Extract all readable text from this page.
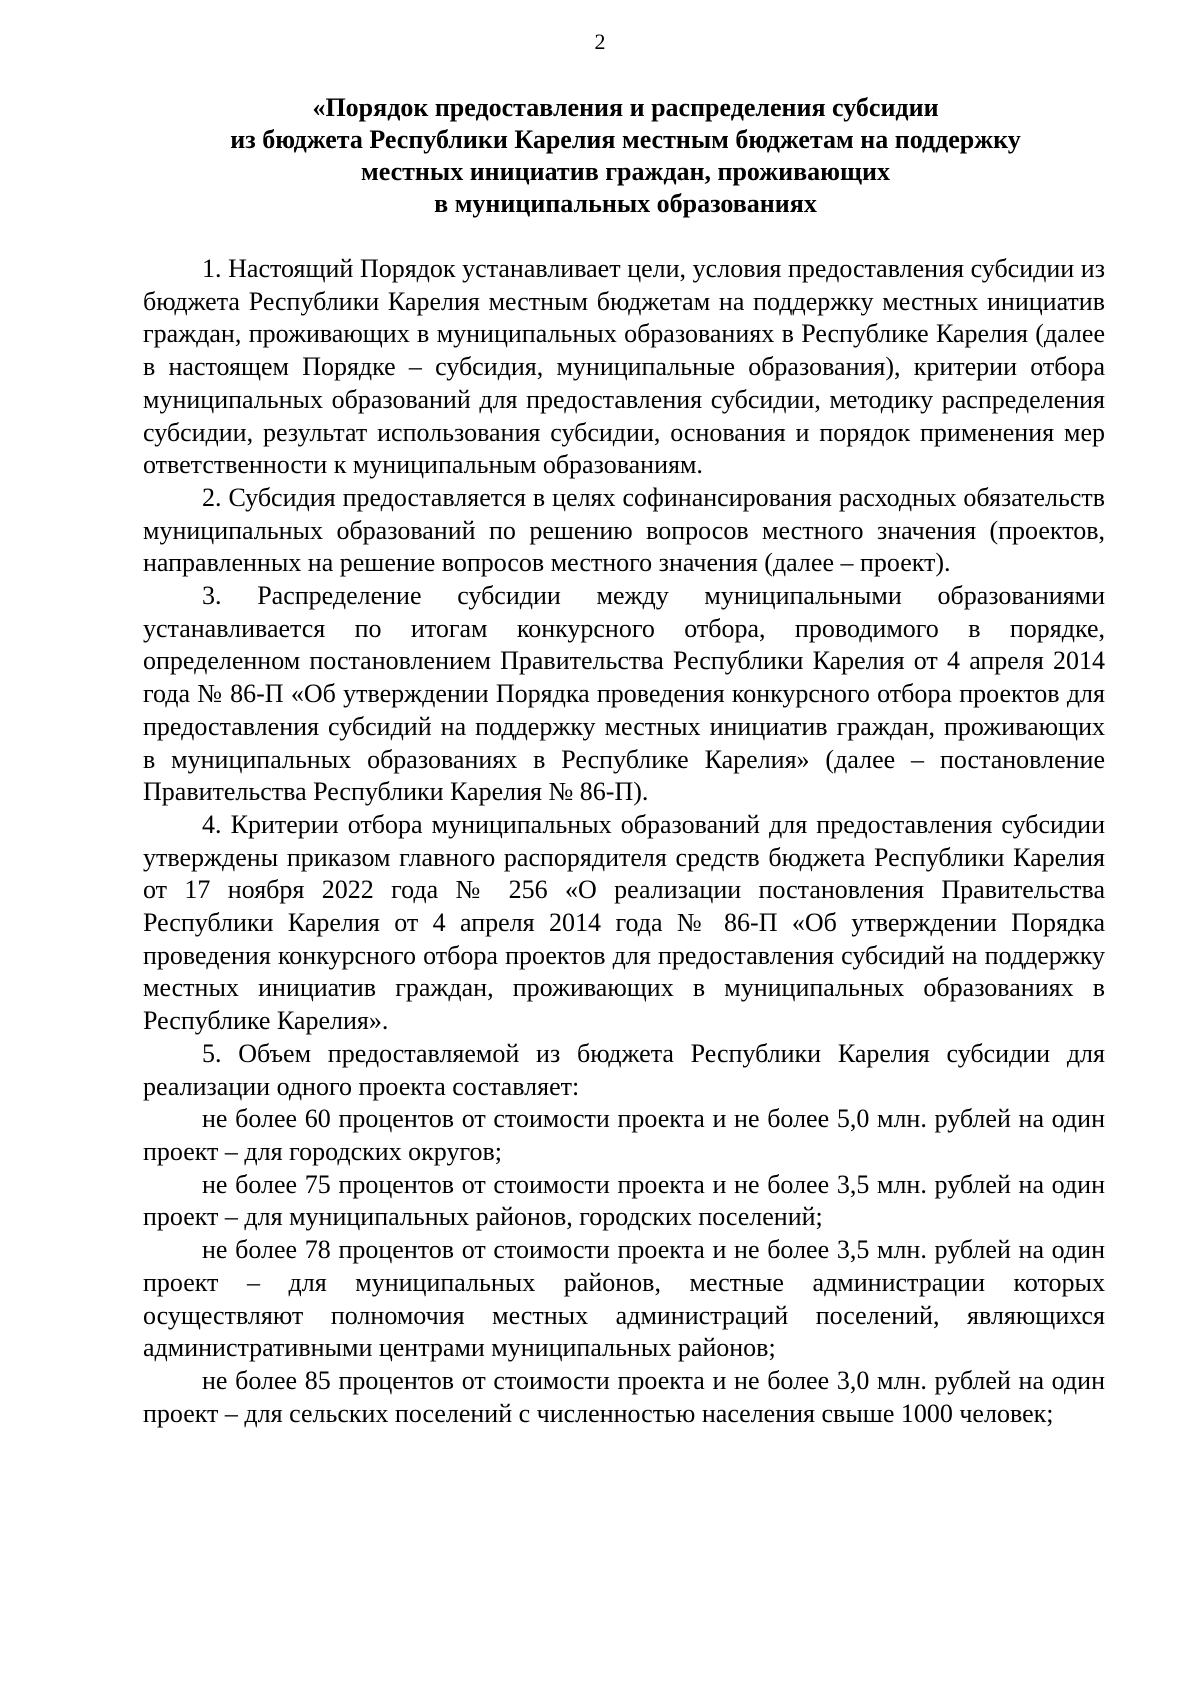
2
«Порядок предоставления и распределения субсидии
из бюджета Республики Карелия местным бюджетам на поддержку
местных инициатив граждан, проживающих
в муниципальных образованиях

1. Настоящий Порядок устанавливает цели, условия предоставления субсидии из бюджета Республики Карелия местным бюджетам на поддержку местных инициатив граждан, проживающих в муниципальных образованиях в Республике Карелия (далее в настоящем Порядке – субсидия, муниципальные образования), критерии отбора муниципальных образований для предоставления субсидии, методику распределения субсидии, результат использования субсидии, основания и порядок применения мер ответственности к муниципальным образованиям.

2. Субсидия предоставляется в целях софинансирования расходных обязательств муниципальных образований по решению вопросов местного значения (проектов, направленных на решение вопросов местного значения (далее – проект).

3. Распределение субсидии между муниципальными образованиями устанавливается по итогам конкурсного отбора, проводимого в порядке, определенном постановлением Правительства Республики Карелия от 4 апреля 2014 года № 86-П «Об утверждении Порядка проведения конкурсного отбора проектов для предоставления субсидий на поддержку местных инициатив граждан, проживающих в муниципальных образованиях в Республике Карелия» (далее – постановление Правительства Республики Карелия № 86-П).

4. Критерии отбора муниципальных образований для предоставления субсидии утверждены приказом главного распорядителя средств бюджета Республики Карелия от 17 ноября 2022 года № 256 «О реализации постановления Правительства Республики Карелия от 4 апреля 2014 года № 86-П «Об утверждении Порядка проведения конкурсного отбора проектов для предоставления субсидий на поддержку местных инициатив граждан, проживающих в муниципальных образованиях в Республике Карелия».

5. Объем предоставляемой из бюджета Республики Карелия субсидии для реализации одного проекта составляет:

не более 60 процентов от стоимости проекта и не более 5,0 млн. рублей на один проект – для городских округов;

не более 75 процентов от стоимости проекта и не более 3,5 млн. рублей на один проект – для муниципальных районов, городских поселений;

не более 78 процентов от стоимости проекта и не более 3,5 млн. рублей на один проект – для муниципальных районов, местные администрации которых осуществляют полномочия местных администраций поселений, являющихся административными центрами муниципальных районов;

не более 85 процентов от стоимости проекта и не более 3,0 млн. рублей на один проект – для сельских поселений с численностью населения свыше 1000 человек;
